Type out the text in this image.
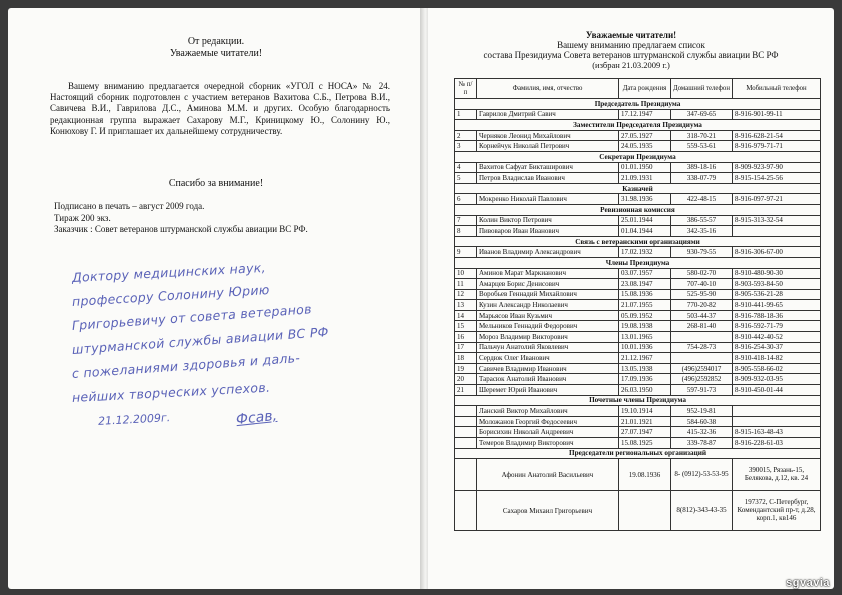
От редакции.
Уважаемые читатели!

Вашему вниманию предлагается очередной сборник «УГОЛ с НОСА» № 24. Настоящий сборник подготовлен с участием ветеранов Вахитова С.Б., Петрова В.И., Савичева В.И., Гаврилова Д.С., Аминова М.М. и других. Особую благодарность редакционная группа выражает Сахарову М.Г., Криницкому Ю., Солонину Ю., Конюхову Г. И приглашает их дальнейшему сотрудничеству.

Спасибо за внимание!
Подписано в печать – август 2009 года.
Тираж 200 экз.
Заказчик : Совет ветеранов штурманской службы авиации ВС РФ.
Доктору медицинских наук,
профессору Солонину Юрию
Григорьевичу от совета ветеранов
штурманской службы авиации ВС РФ
с пожеланиями здоровья и даль-
нейших творческих успехов.
21.12.2009г.	Фсав,
Уважаемые читатели!
Вашему вниманию предлагаем список
состава Президиума Совета ветеранов штурманской службы авиации ВС РФ
(избран 21.03.2009 г.)
№ п/п	Фамилия, имя, отчество	Дата рождения	Домашний телефон	Мобильный телефон
Председатель Президиума				
1	Гаврилов Дмитрий Савич	17.12.1947	347-69-65	8-916-901-99-11
Заместители Председателя Президиума				
2	Черняков Леонид Михайлович	27.05.1927	318-70-21	8-916-628-21-54
3	Корнейчук Николай Петрович	24.05.1935	559-53-61	8-916-979-71-71
Секретари Президиума				
4	Вахитов Сафуат Бикташирович	01.01.1950	389-18-16	8-909-923-97-90
5	Петров Владислав Иванович	21.09.1931	338-07-79	8-915-154-25-56
Казначей				
6	Мокренко Николай Павлович	31.98.1936	422-48-15	8-916-097-97-21
Ревизионная комиссия				
7	Колин Виктор Петрович	25.01.1944	386-55-57	8-915-313-32-54
8	Пивоваров Иван Иванович	01.04.1944	342-35-16	
Связь с ветеранскими организациями				
9	Иванов Владимир Александрович	17.02.1932	930-79-55	8-916-306-67-00
Члены Президиума				
10	Аминов Марат Маркианович	03.07.1957	580-02-70	8-910-480-90-30
11	Амарцев Борис Денисович	23.08.1947	707-40-10	8-903-593-84-50
12	Воробьев Геннадий Михайлович	15.08.1936	525-95-90	8-905-536-21-28
13	Кузин Александр Николаевич	21.07.1955	770-20-82	8-910-441-99-65
14	Марьясов Иван Кузьмич	05.09.1952	503-44-37	8-916-788-18-36
15	Мельников Геннадий Федорович	19.08.1938	268-81-40	8-916-592-71-79
16	Мороз Владимир Викторович	13.01.1965		8-910-442-40-52
17	Пальчун Анатолий Яковлевич	10.01.1936	754-28-73	8-916-254-30-37
18	Сердюк Олег Иванович	21.12.1967		8-910-418-14-82
19	Савичев Владимир Иванович	13.05.1938	(496)2594017	8-905-558-66-02
20	Тарасюк Анатолий Иванович	17.09.1936	(496)2592852	8-909-932-03-95
21	Шеремет Юрий Иванович	26.03.1950	597-91-73	8-910-450-01-44
Почетные члены Президиума				
	Ланский Виктор Михайлович	19.10.1914	952-19-81	
	Моложанов Георгий Федосеевич	21.01.1921	584-60-38	
	Борисихин Николай Андреевич	27.07.1947	415-32-36	8-915-163-48-43
	Темеров Владимир Викторович	15.08.1925	339-78-87	8-916-228-61-03
Председатели региональных организаций				
	Афонин Анатолий Васильевич	19.08.1936	8- (0912)-53-53-95	390015, Рязань-15, Белякова, д.12, кв. 24
	Сахаров Михаил Григорьевич		8(812)-343-43-35	197372, С-Петербург, Комендантский пр-т, д.28, корп.1, кв146
sgvavia
